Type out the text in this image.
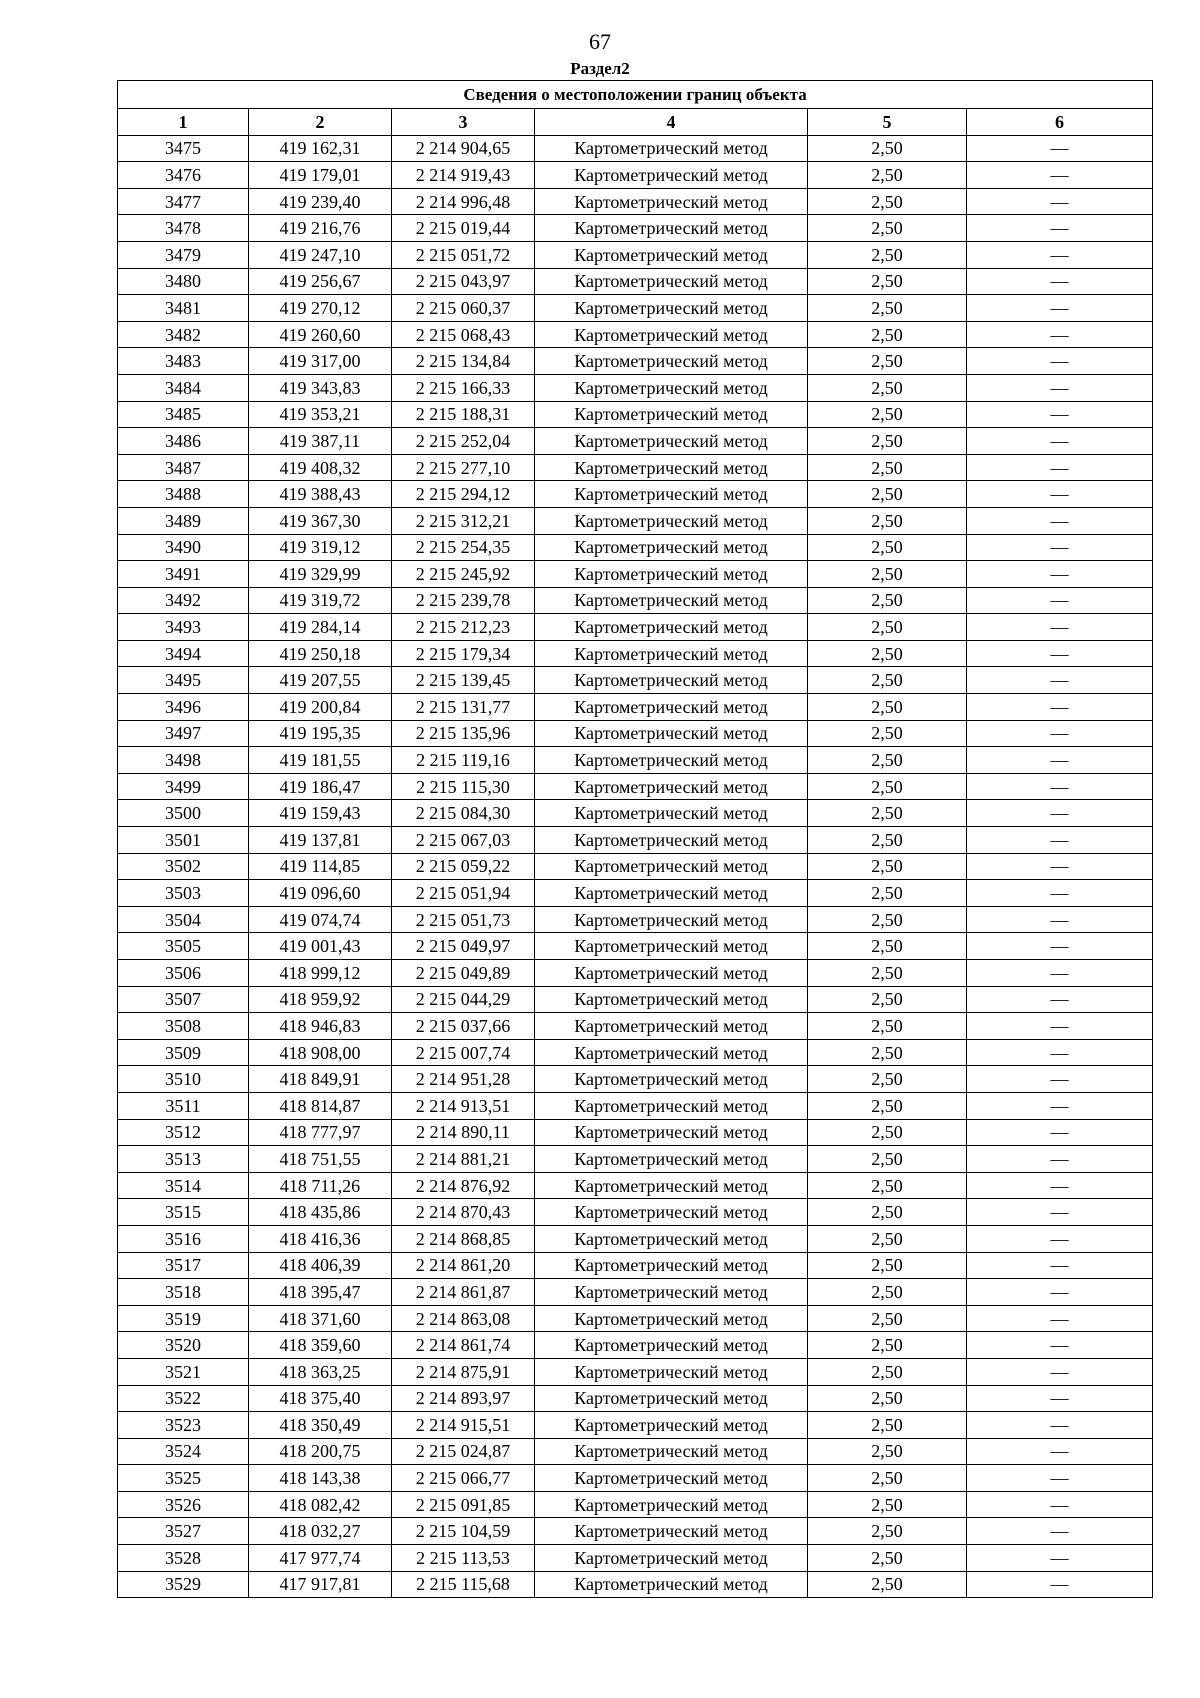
67
Раздел2
Сведения о местоположении границ объекта					
1	2	3	4	5	6
3475	419 162,31	2 214 904,65	Картометрический метод	2,50	—
3476	419 179,01	2 214 919,43	Картометрический метод	2,50	—
3477	419 239,40	2 214 996,48	Картометрический метод	2,50	—
3478	419 216,76	2 215 019,44	Картометрический метод	2,50	—
3479	419 247,10	2 215 051,72	Картометрический метод	2,50	—
3480	419 256,67	2 215 043,97	Картометрический метод	2,50	—
3481	419 270,12	2 215 060,37	Картометрический метод	2,50	—
3482	419 260,60	2 215 068,43	Картометрический метод	2,50	—
3483	419 317,00	2 215 134,84	Картометрический метод	2,50	—
3484	419 343,83	2 215 166,33	Картометрический метод	2,50	—
3485	419 353,21	2 215 188,31	Картометрический метод	2,50	—
3486	419 387,11	2 215 252,04	Картометрический метод	2,50	—
3487	419 408,32	2 215 277,10	Картометрический метод	2,50	—
3488	419 388,43	2 215 294,12	Картометрический метод	2,50	—
3489	419 367,30	2 215 312,21	Картометрический метод	2,50	—
3490	419 319,12	2 215 254,35	Картометрический метод	2,50	—
3491	419 329,99	2 215 245,92	Картометрический метод	2,50	—
3492	419 319,72	2 215 239,78	Картометрический метод	2,50	—
3493	419 284,14	2 215 212,23	Картометрический метод	2,50	—
3494	419 250,18	2 215 179,34	Картометрический метод	2,50	—
3495	419 207,55	2 215 139,45	Картометрический метод	2,50	—
3496	419 200,84	2 215 131,77	Картометрический метод	2,50	—
3497	419 195,35	2 215 135,96	Картометрический метод	2,50	—
3498	419 181,55	2 215 119,16	Картометрический метод	2,50	—
3499	419 186,47	2 215 115,30	Картометрический метод	2,50	—
3500	419 159,43	2 215 084,30	Картометрический метод	2,50	—
3501	419 137,81	2 215 067,03	Картометрический метод	2,50	—
3502	419 114,85	2 215 059,22	Картометрический метод	2,50	—
3503	419 096,60	2 215 051,94	Картометрический метод	2,50	—
3504	419 074,74	2 215 051,73	Картометрический метод	2,50	—
3505	419 001,43	2 215 049,97	Картометрический метод	2,50	—
3506	418 999,12	2 215 049,89	Картометрический метод	2,50	—
3507	418 959,92	2 215 044,29	Картометрический метод	2,50	—
3508	418 946,83	2 215 037,66	Картометрический метод	2,50	—
3509	418 908,00	2 215 007,74	Картометрический метод	2,50	—
3510	418 849,91	2 214 951,28	Картометрический метод	2,50	—
3511	418 814,87	2 214 913,51	Картометрический метод	2,50	—
3512	418 777,97	2 214 890,11	Картометрический метод	2,50	—
3513	418 751,55	2 214 881,21	Картометрический метод	2,50	—
3514	418 711,26	2 214 876,92	Картометрический метод	2,50	—
3515	418 435,86	2 214 870,43	Картометрический метод	2,50	—
3516	418 416,36	2 214 868,85	Картометрический метод	2,50	—
3517	418 406,39	2 214 861,20	Картометрический метод	2,50	—
3518	418 395,47	2 214 861,87	Картометрический метод	2,50	—
3519	418 371,60	2 214 863,08	Картометрический метод	2,50	—
3520	418 359,60	2 214 861,74	Картометрический метод	2,50	—
3521	418 363,25	2 214 875,91	Картометрический метод	2,50	—
3522	418 375,40	2 214 893,97	Картометрический метод	2,50	—
3523	418 350,49	2 214 915,51	Картометрический метод	2,50	—
3524	418 200,75	2 215 024,87	Картометрический метод	2,50	—
3525	418 143,38	2 215 066,77	Картометрический метод	2,50	—
3526	418 082,42	2 215 091,85	Картометрический метод	2,50	—
3527	418 032,27	2 215 104,59	Картометрический метод	2,50	—
3528	417 977,74	2 215 113,53	Картометрический метод	2,50	—
3529	417 917,81	2 215 115,68	Картометрический метод	2,50	—
